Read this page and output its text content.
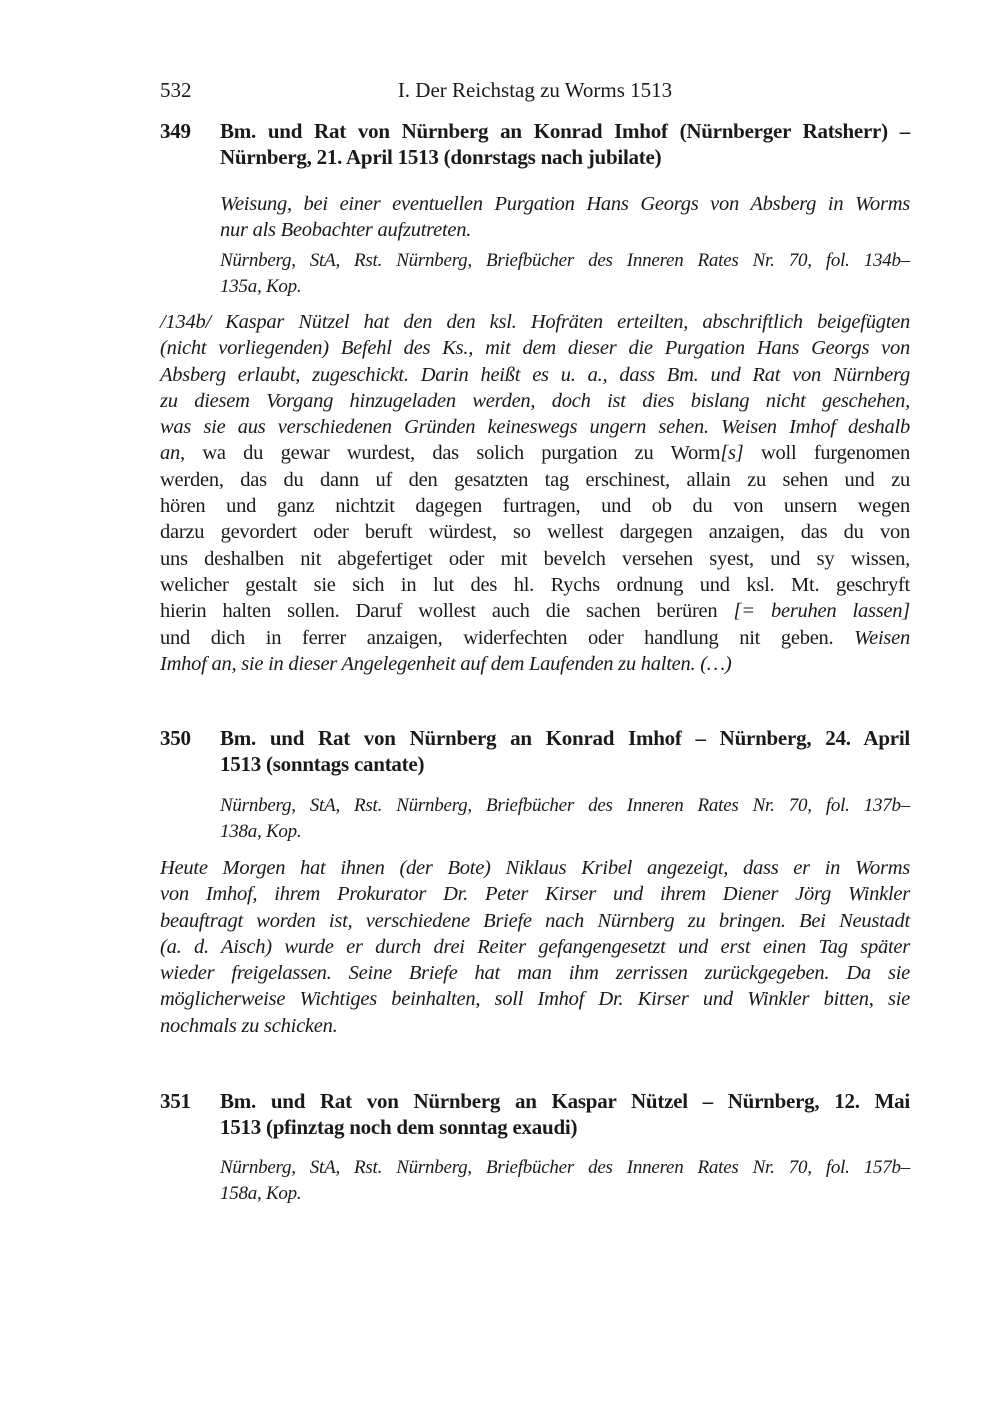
532	I. Der Reichstag zu Worms 1513
349 Bm. und Rat von Nürnberg an Konrad Imhof (Nürnberger Ratsherr) –
Nürnberg, 21. April 1513 (donrstags nach jubilate)
Weisung, bei einer eventuellen Purgation Hans Georgs von Absberg in Worms
nur als Beobachter aufzutreten.
Nürnberg, StA, Rst. Nürnberg, Briefbücher des Inneren Rates Nr. 70, fol. 134b–
135a, Kop.
/134b/ Kaspar Nützel hat den den ksl. Hofräten erteilten, abschriftlich beigefügten
(nicht vorliegenden) Befehl des Ks., mit dem dieser die Purgation Hans Georgs von
Absberg erlaubt, zugeschickt. Darin heißt es u. a., dass Bm. und Rat von Nürnberg
zu diesem Vorgang hinzugeladen werden, doch ist dies bislang nicht geschehen,
was sie aus verschiedenen Gründen keineswegs ungern sehen. Weisen Imhof deshalb
an, wa du gewar wurdest, das solich purgation zu Worm[s] woll furgenomen
werden, das du dann uf den gesatzten tag erschinest, allain zu sehen und zu
hören und ganz nichtzit dagegen furtragen, und ob du von unsern wegen
darzu gevordert oder beruft würdest, so wellest dargegen anzaigen, das du von
uns deshalben nit abgefertiget oder mit bevelch versehen syest, und sy wissen,
welicher gestalt sie sich in lut des hl. Rychs ordnung und ksl. Mt. geschryft
hierin halten sollen. Daruf wollest auch die sachen berüren [= beruhen lassen]
und dich in ferrer anzaigen, widerfechten oder handlung nit geben. Weisen
Imhof an, sie in dieser Angelegenheit auf dem Laufenden zu halten. (…)
350 Bm. und Rat von Nürnberg an Konrad Imhof – Nürnberg, 24. April
1513 (sonntags cantate)
Nürnberg, StA, Rst. Nürnberg, Briefbücher des Inneren Rates Nr. 70, fol. 137b–
138a, Kop.
Heute Morgen hat ihnen (der Bote) Niklaus Kribel angezeigt, dass er in Worms
von Imhof, ihrem Prokurator Dr. Peter Kirser und ihrem Diener Jörg Winkler
beauftragt worden ist, verschiedene Briefe nach Nürnberg zu bringen. Bei Neustadt
(a. d. Aisch) wurde er durch drei Reiter gefangengesetzt und erst einen Tag später
wieder freigelassen. Seine Briefe hat man ihm zerrissen zurückgegeben. Da sie
möglicherweise Wichtiges beinhalten, soll Imhof Dr. Kirser und Winkler bitten, sie
nochmals zu schicken.
351 Bm. und Rat von Nürnberg an Kaspar Nützel – Nürnberg, 12. Mai
1513 (pfinztag noch dem sonntag exaudi)
Nürnberg, StA, Rst. Nürnberg, Briefbücher des Inneren Rates Nr. 70, fol. 157b–
158a, Kop.
